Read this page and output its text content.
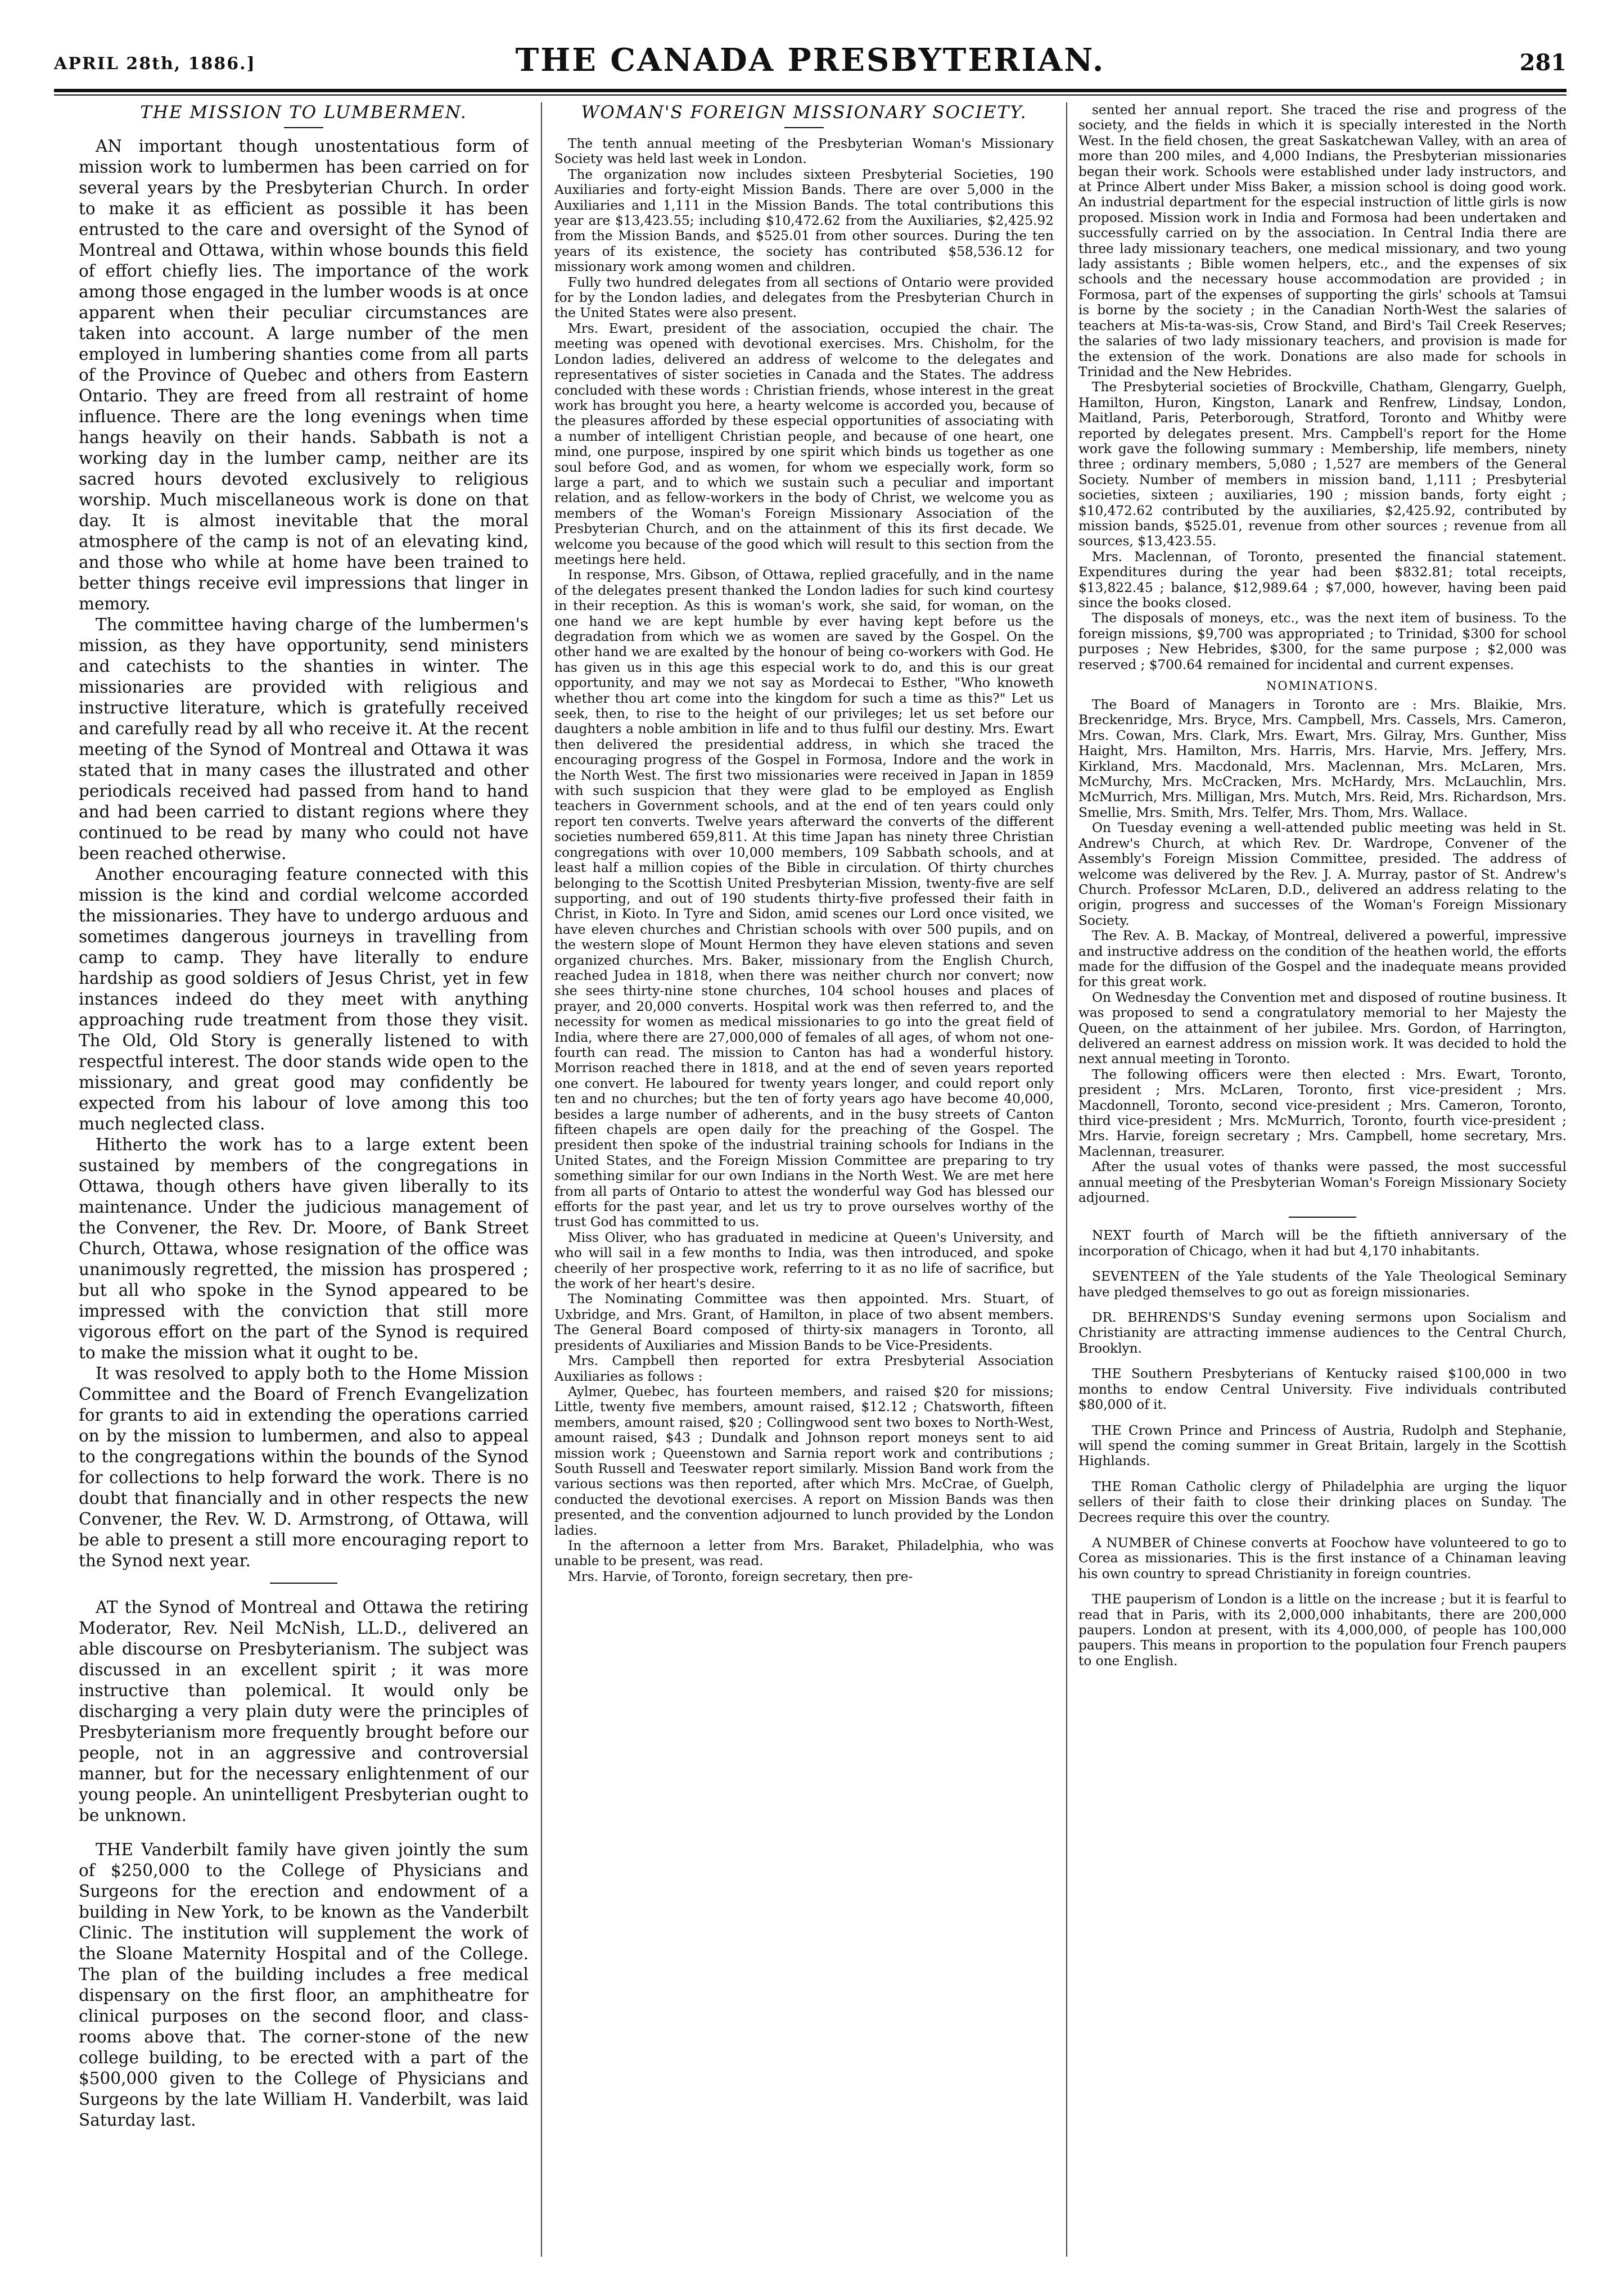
APRIL 28th, 1886.]	THE CANADA PRESBYTERIAN.	281
THE MISSION TO LUMBERMEN.

AN important though unostentatious form of mission work to lumbermen has been carried on for several years by the Presbyterian Church. In order to make it as efficient as possible it has been entrusted to the care and oversight of the Synod of Montreal and Ottawa, within whose bounds this field of effort chiefly lies. The importance of the work among those engaged in the lumber woods is at once apparent when their peculiar circumstances are taken into account. A large number of the men employed in lumbering shanties come from all parts of the Province of Quebec and others from Eastern Ontario. They are freed from all restraint of home influence. There are the long evenings when time hangs heavily on their hands. Sabbath is not a working day in the lumber camp, neither are its sacred hours devoted exclusively to religious worship. Much miscellaneous work is done on that day. It is almost inevitable that the moral atmosphere of the camp is not of an elevating kind, and those who while at home have been trained to better things receive evil impressions that linger in memory.

The committee having charge of the lumbermen's mission, as they have opportunity, send ministers and catechists to the shanties in winter. The missionaries are provided with religious and instructive literature, which is gratefully received and carefully read by all who receive it. At the recent meeting of the Synod of Montreal and Ottawa it was stated that in many cases the illustrated and other periodicals received had passed from hand to hand and had been carried to distant regions where they continued to be read by many who could not have been reached otherwise.

Another encouraging feature connected with this mission is the kind and cordial welcome accorded the missionaries. They have to undergo arduous and sometimes dangerous journeys in travelling from camp to camp. They have literally to endure hardship as good soldiers of Jesus Christ, yet in few instances indeed do they meet with anything approaching rude treatment from those they visit. The Old, Old Story is generally listened to with respectful interest. The door stands wide open to the missionary, and great good may confidently be expected from his labour of love among this too much neglected class.

Hitherto the work has to a large extent been sustained by members of the congregations in Ottawa, though others have given liberally to its maintenance. Under the judicious management of the Convener, the Rev. Dr. Moore, of Bank Street Church, Ottawa, whose resignation of the office was unanimously regretted, the mission has prospered ; but all who spoke in the Synod appeared to be impressed with the conviction that still more vigorous effort on the part of the Synod is required to make the mission what it ought to be.

It was resolved to apply both to the Home Mission Committee and the Board of French Evangelization for grants to aid in extending the operations carried on by the mission to lumbermen, and also to appeal to the congregations within the bounds of the Synod for collections to help forward the work. There is no doubt that financially and in other respects the new Convener, the Rev. W. D. Armstrong, of Ottawa, will be able to present a still more encouraging report to the Synod next year.

AT the Synod of Montreal and Ottawa the retiring Moderator, Rev. Neil McNish, LL.D., delivered an able discourse on Presbyterianism. The subject was discussed in an excellent spirit ; it was more instructive than polemical. It would only be discharging a very plain duty were the principles of Presbyterianism more frequently brought before our people, not in an aggressive and controversial manner, but for the necessary enlightenment of our young people. An unintelligent Presbyterian ought to be unknown.

THE Vanderbilt family have given jointly the sum of $250,000 to the College of Physicians and Surgeons for the erection and endowment of a building in New York, to be known as the Vanderbilt Clinic. The institution will supplement the work of the Sloane Maternity Hospital and of the College. The plan of the building includes a free medical dispensary on the first floor, an amphitheatre for clinical purposes on the second floor, and class-rooms above that. The corner-stone of the new college building, to be erected with a part of the $500,000 given to the College of Physicians and Surgeons by the late William H. Vanderbilt, was laid Saturday last.

WOMAN'S FOREIGN MISSIONARY SOCIETY.

The tenth annual meeting of the Presbyterian Woman's Missionary Society was held last week in London.

The organization now includes sixteen Presbyterial Societies, 190 Auxiliaries and forty-eight Mission Bands. There are over 5,000 in the Auxiliaries and 1,111 in the Mission Bands. The total contributions this year are $13,423.55; including $10,472.62 from the Auxiliaries, $2,425.92 from the Mission Bands, and $525.01 from other sources. During the ten years of its existence, the society has contributed $58,536.12 for missionary work among women and children.

Fully two hundred delegates from all sections of Ontario were provided for by the London ladies, and delegates from the Presbyterian Church in the United States were also present.

Mrs. Ewart, president of the association, occupied the chair. The meeting was opened with devotional exercises. Mrs. Chisholm, for the London ladies, delivered an address of welcome to the delegates and representatives of sister societies in Canada and the States. The address concluded with these words : Christian friends, whose interest in the great work has brought you here, a hearty welcome is accorded you, because of the pleasures afforded by these especial opportunities of associating with a number of intelligent Christian people, and because of one heart, one mind, one purpose, inspired by one spirit which binds us together as one soul before God, and as women, for whom we especially work, form so large a part, and to which we sustain such a peculiar and important relation, and as fellow-workers in the body of Christ, we welcome you as members of the Woman's Foreign Missionary Association of the Presbyterian Church, and on the attainment of this its first decade. We welcome you because of the good which will result to this section from the meetings here held.

In response, Mrs. Gibson, of Ottawa, replied gracefully, and in the name of the delegates present thanked the London ladies for such kind courtesy in their reception. As this is woman's work, she said, for woman, on the one hand we are kept humble by ever having kept before us the degradation from which we as women are saved by the Gospel. On the other hand we are exalted by the honour of being co-workers with God. He has given us in this age this especial work to do, and this is our great opportunity, and may we not say as Mordecai to Esther, "Who knoweth whether thou art come into the kingdom for such a time as this?" Let us seek, then, to rise to the height of our privileges; let us set before our daughters a noble ambition in life and to thus fulfil our destiny. Mrs. Ewart then delivered the presidential address, in which she traced the encouraging progress of the Gospel in Formosa, Indore and the work in the North West. The first two missionaries were received in Japan in 1859 with such suspicion that they were glad to be employed as English teachers in Government schools, and at the end of ten years could only report ten converts. Twelve years afterward the converts of the different societies numbered 659,811. At this time Japan has ninety three Christian congregations with over 10,000 members, 109 Sabbath schools, and at least half a million copies of the Bible in circulation. Of thirty churches belonging to the Scottish United Presbyterian Mission, twenty-five are self supporting, and out of 190 students thirty-five professed their faith in Christ, in Kioto. In Tyre and Sidon, amid scenes our Lord once visited, we have eleven churches and Christian schools with over 500 pupils, and on the western slope of Mount Hermon they have eleven stations and seven organized churches. Mrs. Baker, missionary from the English Church, reached Judea in 1818, when there was neither church nor convert; now she sees thirty-nine stone churches, 104 school houses and places of prayer, and 20,000 converts. Hospital work was then referred to, and the necessity for women as medical missionaries to go into the great field of India, where there are 27,000,000 of females of all ages, of whom not one-fourth can read. The mission to Canton has had a wonderful history. Morrison reached there in 1818, and at the end of seven years reported one convert. He laboured for twenty years longer, and could report only ten and no churches; but the ten of forty years ago have become 40,000, besides a large number of adherents, and in the busy streets of Canton fifteen chapels are open daily for the preaching of the Gospel. The president then spoke of the industrial training schools for Indians in the United States, and the Foreign Mission Committee are preparing to try something similar for our own Indians in the North West. We are met here from all parts of Ontario to attest the wonderful way God has blessed our efforts for the past year, and let us try to prove ourselves worthy of the trust God has committed to us.

Miss Oliver, who has graduated in medicine at Queen's University, and who will sail in a few months to India, was then introduced, and spoke cheerily of her prospective work, referring to it as no life of sacrifice, but the work of her heart's desire.

The Nominating Committee was then appointed. Mrs. Stuart, of Uxbridge, and Mrs. Grant, of Hamilton, in place of two absent members. The General Board composed of thirty-six managers in Toronto, all presidents of Auxiliaries and Mission Bands to be Vice-Presidents.

Mrs. Campbell then reported for extra Presbyterial Association Auxiliaries as follows :

Aylmer, Quebec, has fourteen members, and raised $20 for missions; Little, twenty five members, amount raised, $12.12 ; Chatsworth, fifteen members, amount raised, $20 ; Collingwood sent two boxes to North-West, amount raised, $43 ; Dundalk and Johnson report moneys sent to aid mission work ; Queenstown and Sarnia report work and contributions ; South Russell and Teeswater report similarly. Mission Band work from the various sections was then reported, after which Mrs. McCrae, of Guelph, conducted the devotional exercises. A report on Mission Bands was then presented, and the convention adjourned to lunch provided by the London ladies.

In the afternoon a letter from Mrs. Baraket, Philadelphia, who was unable to be present, was read.

Mrs. Harvie, of Toronto, foreign secretary, then pre-

sented her annual report. She traced the rise and progress of the society, and the fields in which it is specially interested in the North West. In the field chosen, the great Saskatchewan Valley, with an area of more than 200 miles, and 4,000 Indians, the Presbyterian missionaries began their work. Schools were established under lady instructors, and at Prince Albert under Miss Baker, a mission school is doing good work. An industrial department for the especial instruction of little girls is now proposed. Mission work in India and Formosa had been undertaken and successfully carried on by the association. In Central India there are three lady missionary teachers, one medical missionary, and two young lady assistants ; Bible women helpers, etc., and the expenses of six schools and the necessary house accommodation are provided ; in Formosa, part of the expenses of supporting the girls' schools at Tamsui is borne by the society ; in the Canadian North-West the salaries of teachers at Mis-ta-was-sis, Crow Stand, and Bird's Tail Creek Reserves; the salaries of two lady missionary teachers, and provision is made for the extension of the work. Donations are also made for schools in Trinidad and the New Hebrides.

The Presbyterial societies of Brockville, Chatham, Glengarry, Guelph, Hamilton, Huron, Kingston, Lanark and Renfrew, Lindsay, London, Maitland, Paris, Peterborough, Stratford, Toronto and Whitby were reported by delegates present. Mrs. Campbell's report for the Home work gave the following summary : Membership, life members, ninety three ; ordinary members, 5,080 ; 1,527 are members of the General Society. Number of members in mission band, 1,111 ; Presbyterial societies, sixteen ; auxiliaries, 190 ; mission bands, forty eight ; $10,472.62 contributed by the auxiliaries, $2,425.92, contributed by mission bands, $525.01, revenue from other sources ; revenue from all sources, $13,423.55.

Mrs. Maclennan, of Toronto, presented the financial statement. Expenditures during the year had been $832.81; total receipts, $13,822.45 ; balance, $12,989.64 ; $7,000, however, having been paid since the books closed.

The disposals of moneys, etc., was the next item of business. To the foreign missions, $9,700 was appropriated ; to Trinidad, $300 for school purposes ; New Hebrides, $300, for the same purpose ; $2,000 was reserved ; $700.64 remained for incidental and current expenses.

NOMINATIONS.

The Board of Managers in Toronto are : Mrs. Blaikie, Mrs. Breckenridge, Mrs. Bryce, Mrs. Campbell, Mrs. Cassels, Mrs. Cameron, Mrs. Cowan, Mrs. Clark, Mrs. Ewart, Mrs. Gilray, Mrs. Gunther, Miss Haight, Mrs. Hamilton, Mrs. Harris, Mrs. Harvie, Mrs. Jeffery, Mrs. Kirkland, Mrs. Macdonald, Mrs. Maclennan, Mrs. McLaren, Mrs. McMurchy, Mrs. McCracken, Mrs. McHardy, Mrs. McLauchlin, Mrs. McMurrich, Mrs. Milligan, Mrs. Mutch, Mrs. Reid, Mrs. Richardson, Mrs. Smellie, Mrs. Smith, Mrs. Telfer, Mrs. Thom, Mrs. Wallace.

On Tuesday evening a well-attended public meeting was held in St. Andrew's Church, at which Rev. Dr. Wardrope, Convener of the Assembly's Foreign Mission Committee, presided. The address of welcome was delivered by the Rev. J. A. Murray, pastor of St. Andrew's Church. Professor McLaren, D.D., delivered an address relating to the origin, progress and successes of the Woman's Foreign Missionary Society.

The Rev. A. B. Mackay, of Montreal, delivered a powerful, impressive and instructive address on the condition of the heathen world, the efforts made for the diffusion of the Gospel and the inadequate means provided for this great work.

On Wednesday the Convention met and disposed of routine business. It was proposed to send a congratulatory memorial to her Majesty the Queen, on the attainment of her jubilee. Mrs. Gordon, of Harrington, delivered an earnest address on mission work. It was decided to hold the next annual meeting in Toronto.

The following officers were then elected : Mrs. Ewart, Toronto, president ; Mrs. McLaren, Toronto, first vice-president ; Mrs. Macdonnell, Toronto, second vice-president ; Mrs. Cameron, Toronto, third vice-president ; Mrs. McMurrich, Toronto, fourth vice-president ; Mrs. Harvie, foreign secretary ; Mrs. Campbell, home secretary, Mrs. Maclennan, treasurer.

After the usual votes of thanks were passed, the most successful annual meeting of the Presbyterian Woman's Foreign Missionary Society adjourned.

NEXT fourth of March will be the fiftieth anniversary of the incorporation of Chicago, when it had but 4,170 inhabitants.

SEVENTEEN of the Yale students of the Yale Theological Seminary have pledged themselves to go out as foreign missionaries.

DR. BEHRENDS'S Sunday evening sermons upon Socialism and Christianity are attracting immense audiences to the Central Church, Brooklyn.

THE Southern Presbyterians of Kentucky raised $100,000 in two months to endow Central University. Five individuals contributed $80,000 of it.

THE Crown Prince and Princess of Austria, Rudolph and Stephanie, will spend the coming summer in Great Britain, largely in the Scottish Highlands.

THE Roman Catholic clergy of Philadelphia are urging the liquor sellers of their faith to close their drinking places on Sunday. The Decrees require this over the country.

A NUMBER of Chinese converts at Foochow have volunteered to go to Corea as missionaries. This is the first instance of a Chinaman leaving his own country to spread Christianity in foreign countries.

THE pauperism of London is a little on the increase ; but it is fearful to read that in Paris, with its 2,000,000 inhabitants, there are 200,000 paupers. London at present, with its 4,000,000, of people has 100,000 paupers. This means in proportion to the population four French paupers to one English.
